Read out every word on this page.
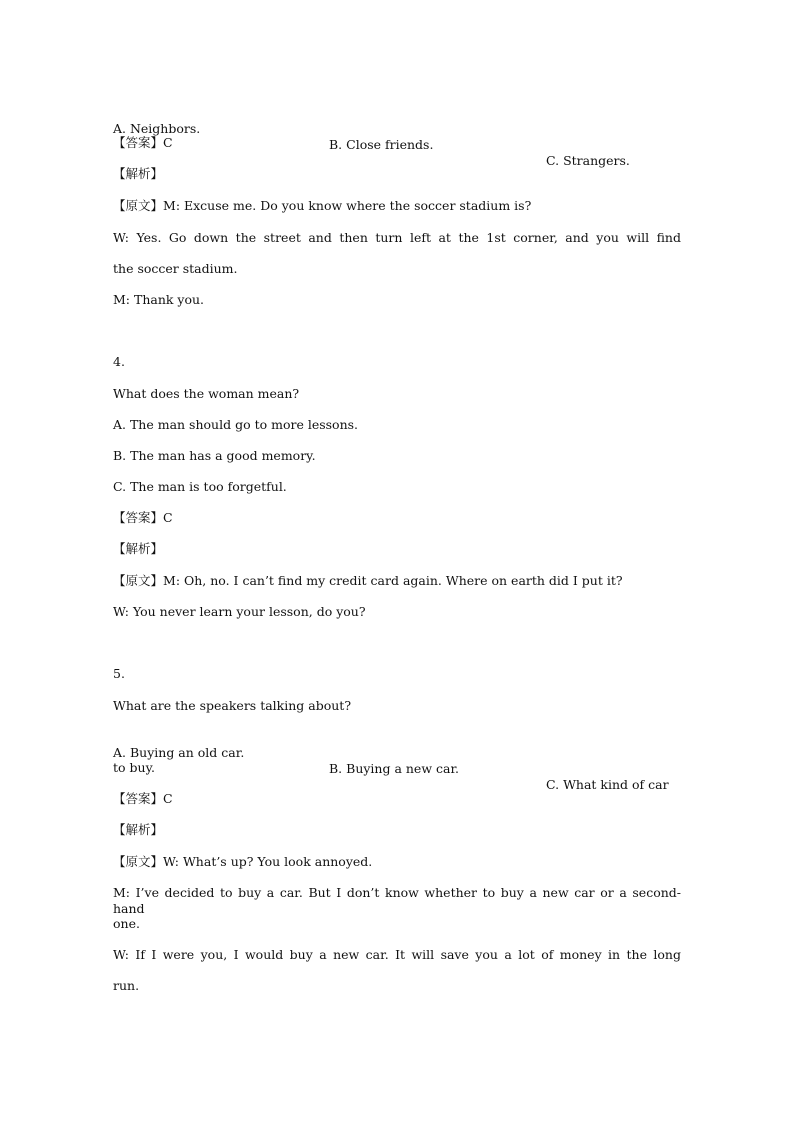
A. Neighbors.

B. Close friends.

C. Strangers.

【答案】C
【解析】
【原文】M: Excuse me. Do you know where the soccer stadium is?
W: Yes. Go down the street and then turn left at the 1st corner, and you will find
the soccer stadium.
M: Thank you.
4.
What does the woman mean?
A. The man should go to more lessons.
B. The man has a good memory.
C. The man is too forgetful.
【答案】C
【解析】
【原文】M: Oh, no. I can’t find my credit card again. Where on earth did I put it?
W: You never learn your lesson, do you?
5.
What are the speakers talking about?

A. Buying an old car.

B. Buying a new car.

C. What kind of car

to buy.
【答案】C
【解析】
【原文】W: What’s up? You look annoyed.
M: I’ve decided to buy a car. But I don’t know whether to buy a new car or a second-hand
one.
W: If I were you, I would buy a new car. It will save you a lot of money in the long
run.
